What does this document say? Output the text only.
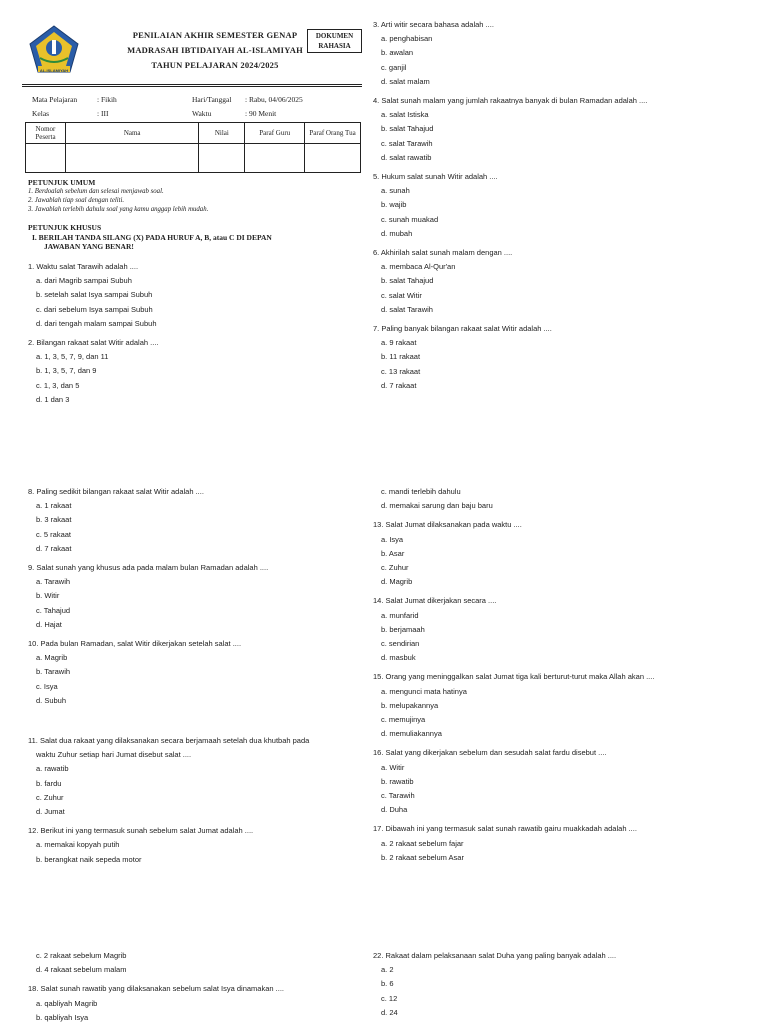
AL-ISLAMIYAH
PENILAIAN AKHIR SEMESTER GENAP
MADRASAH IBTIDAIYAH AL-ISLAMIYAH
TAHUN PELAJARAN 2024/2025
DOKUMEN
RAHASIA
Mata Pelajaran	: Fikih
Kelas	: III
Hari/Tanggal : Rabu, 04/06/2025
Waktu	: 90 Menit
Nomor Peserta	Nama	Nilai	Paraf Guru	Paraf Orang Tua

PETUNJUK UMUM
1. Berdoalah sebelum dan selesai menjawab soal.
2. Jawablah tiap soal dengan teliti.
3. Jawablah terlebih dahulu soal yang kamu anggap lebih mudah.
PETUNJUK KHUSUS
I. BERILAH TANDA SILANG (X) PADA HURUF A, B, atau C DI DEPAN
JAWABAN YANG BENAR!
1. Waktu salat Tarawih adalah ....
a. dari Magrib sampai Subuh
b. setelah salat Isya sampai Subuh
c. dari sebelum Isya sampai Subuh
d. dari tengah malam sampai Subuh
2. Bilangan rakaat salat Witir adalah ....
a. 1, 3, 5, 7, 9, dan 11
b. 1, 3, 5, 7, dan 9
c. 1, 3, dan 5
d. 1 dan 3
3. Arti witir secara bahasa adalah ....
a. penghabisan
b. awalan
c. ganjil
d. salat malam
4. Salat sunah malam yang jumlah rakaatnya banyak di bulan Ramadan adalah ....
a. salat Istiska
b. salat Tahajud
c. salat Tarawih
d. salat rawatib
5. Hukum salat sunah Witir adalah ....
a. sunah
b. wajib
c. sunah muakad
d. mubah
6. Akhirilah salat sunah malam dengan ....
a. membaca Al-Qur'an
b. salat Tahajud
c. salat Witir
d. salat Tarawih
7. Paling banyak bilangan rakaat salat Witir adalah ....
a. 9 rakaat
b. 11 rakaat
c. 13 rakaat
d. 7 rakaat
8. Paling sedikit bilangan rakaat salat Witir adalah ....
a. 1 rakaat
b. 3 rakaat
c. 5 rakaat
d. 7 rakaat
9. Salat sunah yang khusus ada pada malam bulan Ramadan adalah ....
a. Tarawih
b. Witir
c. Tahajud
d. Hajat
10. Pada bulan Ramadan, salat Witir dikerjakan setelah salat ....
a. Magrib
b. Tarawih
c. Isya
d. Subuh
11. Salat dua rakaat yang dilaksanakan secara berjamaah setelah dua khutbah pada
waktu Zuhur setiap hari Jumat disebut salat ....
a. rawatib
b. fardu
c. Zuhur
d. Jumat
12. Berikut ini yang termasuk sunah sebelum salat Jumat adalah ....
a. memakai kopyah putih
b. berangkat naik sepeda motor
c. mandi terlebih dahulu
d. memakai sarung dan baju baru
13. Salat Jumat dilaksanakan pada waktu ....
a. Isya
b. Asar
c. Zuhur
d. Magrib
14. Salat Jumat dikerjakan secara ....
a. munfarid
b. berjamaah
c. sendirian
d. masbuk
15. Orang yang meninggalkan salat Jumat tiga kali berturut-turut maka Allah akan ....
a. mengunci mata hatinya
b. melupakannya
c. memujinya
d. memuliakannya
16. Salat yang dikerjakan sebelum dan sesudah salat fardu disebut ....
a. Witir
b. rawatib
c. Tarawih
d. Duha
17. Dibawah ini yang termasuk salat sunah rawatib gairu muakkadah adalah ....
a. 2 rakaat sebelum fajar
b. 2 rakaat sebelum Asar
c. 2 rakaat sebelum Magrib
d. 4 rakaat sebelum malam
18. Salat sunah rawatib yang dilaksanakan sebelum salat Isya dinamakan ....
a. qabliyah Magrib
b. qabliyah Isya
22. Rakaat dalam pelaksanaan salat Duha yang paling banyak adalah ....
a. 2
b. 6
c. 12
d. 24
